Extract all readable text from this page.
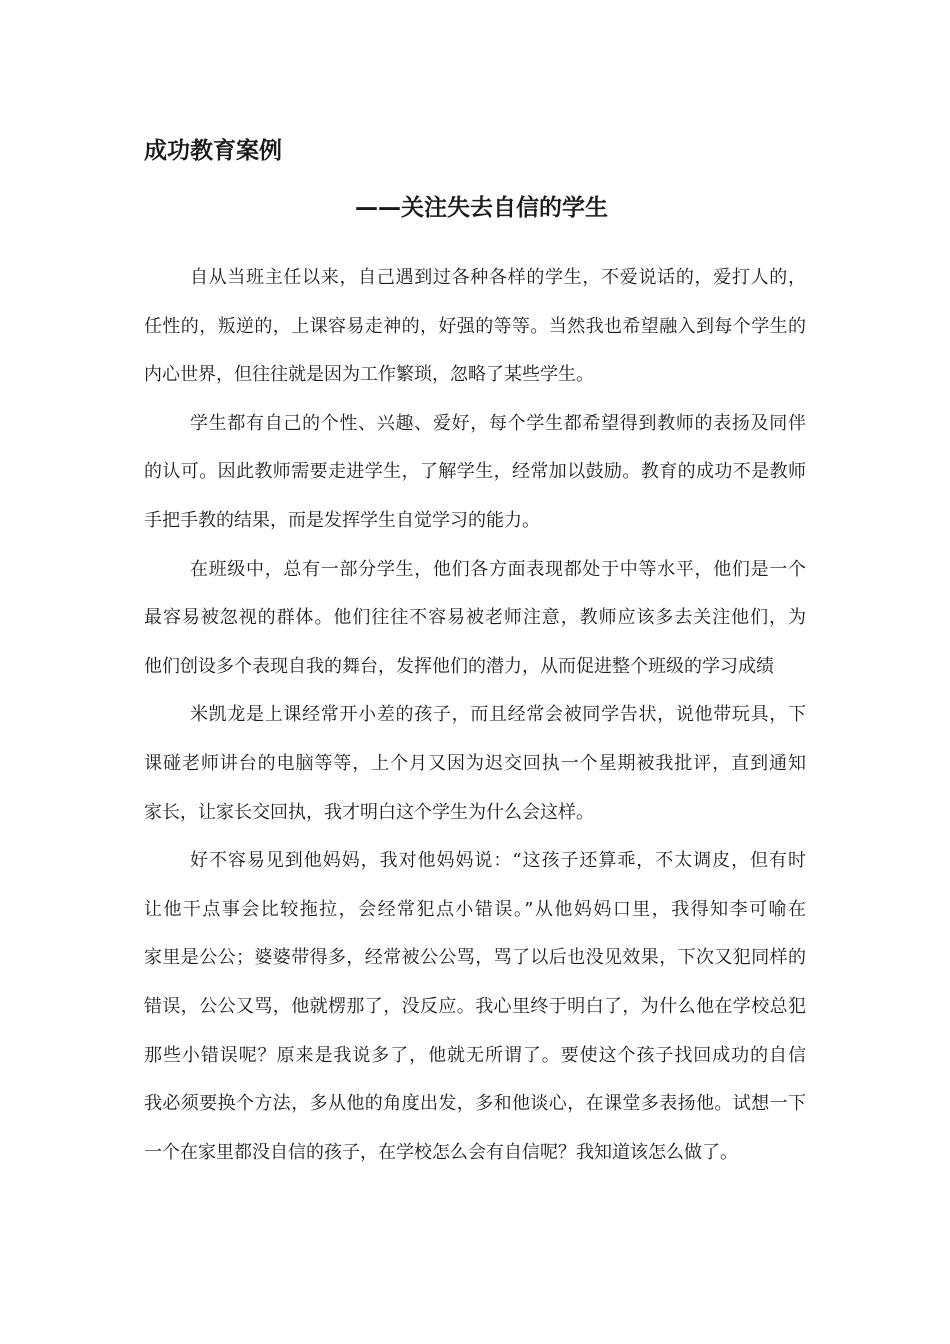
成功教育案例
——关注失去自信的学生
自从当班主任以来，自己遇到过各种各样的学生，不爱说话的，爱打人的，
任性的，叛逆的，上课容易走神的，好强的等等。当然我也希望融入到每个学生的
内心世界，但往往就是因为工作繁琐，忽略了某些学生。
学生都有自己的个性、兴趣、爱好，每个学生都希望得到教师的表扬及同伴
的认可。因此教师需要走进学生，了解学生，经常加以鼓励。教育的成功不是教师
手把手教的结果，而是发挥学生自觉学习的能力。
在班级中，总有一部分学生，他们各方面表现都处于中等水平，他们是一个
最容易被忽视的群体。他们往往不容易被老师注意，教师应该多去关注他们，为
他们创设多个表现自我的舞台，发挥他们的潜力，从而促进整个班级的学习成绩
米凯龙是上课经常开小差的孩子，而且经常会被同学告状，说他带玩具，下
课碰老师讲台的电脑等等，上个月又因为迟交回执一个星期被我批评，直到通知
家长，让家长交回执，我才明白这个学生为什么会这样。
好不容易见到他妈妈，我对他妈妈说：“这孩子还算乖，不太调皮，但有时
让他干点事会比较拖拉，会经常犯点小错误。”从他妈妈口里，我得知李可喻在
家里是公公；婆婆带得多，经常被公公骂，骂了以后也没见效果，下次又犯同样的
错误，公公又骂，他就楞那了，没反应。我心里终于明白了，为什么他在学校总犯
那些小错误呢？原来是我说多了，他就无所谓了。要使这个孩子找回成功的自信
我必须要换个方法，多从他的角度出发，多和他谈心，在课堂多表扬他。试想一下
一个在家里都没自信的孩子，在学校怎么会有自信呢？我知道该怎么做了。
